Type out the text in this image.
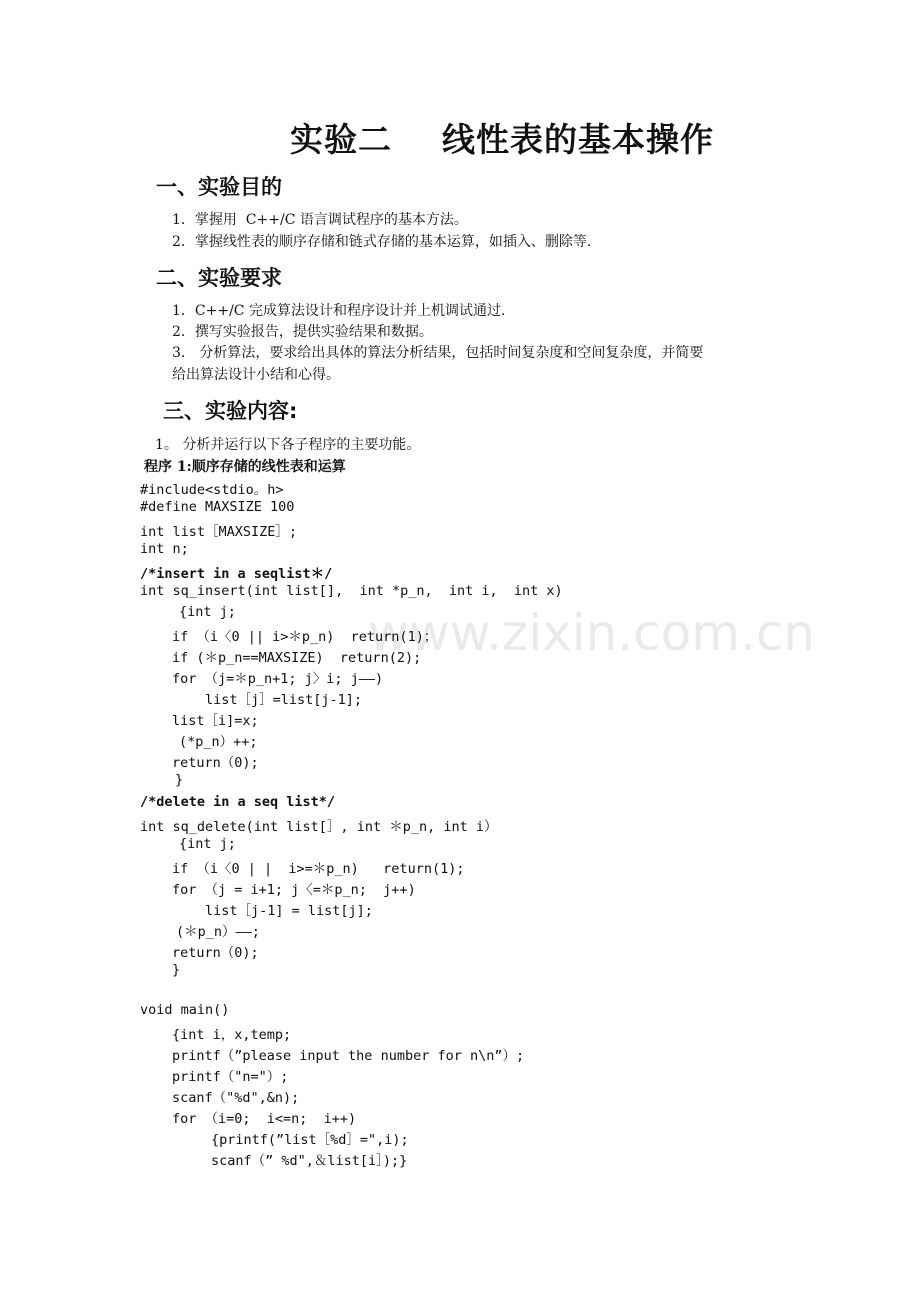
实验二    线性表的基本操作
一、实验目的
1．掌握用  C++/C 语言调试程序的基本方法。
2．掌握线性表的顺序存储和链式存储的基本运算，如插入、删除等.
二、实验要求
1．C++/C 完成算法设计和程序设计并上机调试通过.
2．撰写实验报告，提供实验结果和数据。
3． 分析算法，要求给出具体的算法分析结果，包括时间复杂度和空间复杂度，并简要
给出算法设计小结和心得。
三、实验内容:
1。 分析并运行以下各子程序的主要功能。
程序 1:顺序存储的线性表和运算
www.zixin.com.cn
#include<stdio。h>
#define MAXSIZE 100
int list［MAXSIZE］;
int n;
/*insert in a seqlist＊/
int sq_insert(int list[],  int *p_n,  int i,  int x)
{int j;
if （i〈0 || i>＊p_n)  return(1)；
if (＊p_n==MAXSIZE)  return(2);
for （j=＊p_n+1; j〉i; j——)
list［j］=list[j-1];
list［i]=x;
(*p_n）++;
return（0);
}
/*delete in a seq list*/
int sq_delete(int list[］, int ＊p_n, int i）
{int j;
if （i〈0 | |  i>=＊p_n)   return(1);
for （j = i+1; j〈=＊p_n;  j++)
list［j-1] = list[j];
(＊p_n）——;
return（0);
}
void main()
{int i，x,temp;
printf（”please input the number for n\n”）;
printf（"n="）;
scanf（"%d",&n);
for （i=0;  i<=n;  i++)
{printf(”list［%d］=",i);
scanf（” %d",＆list[i］);}
